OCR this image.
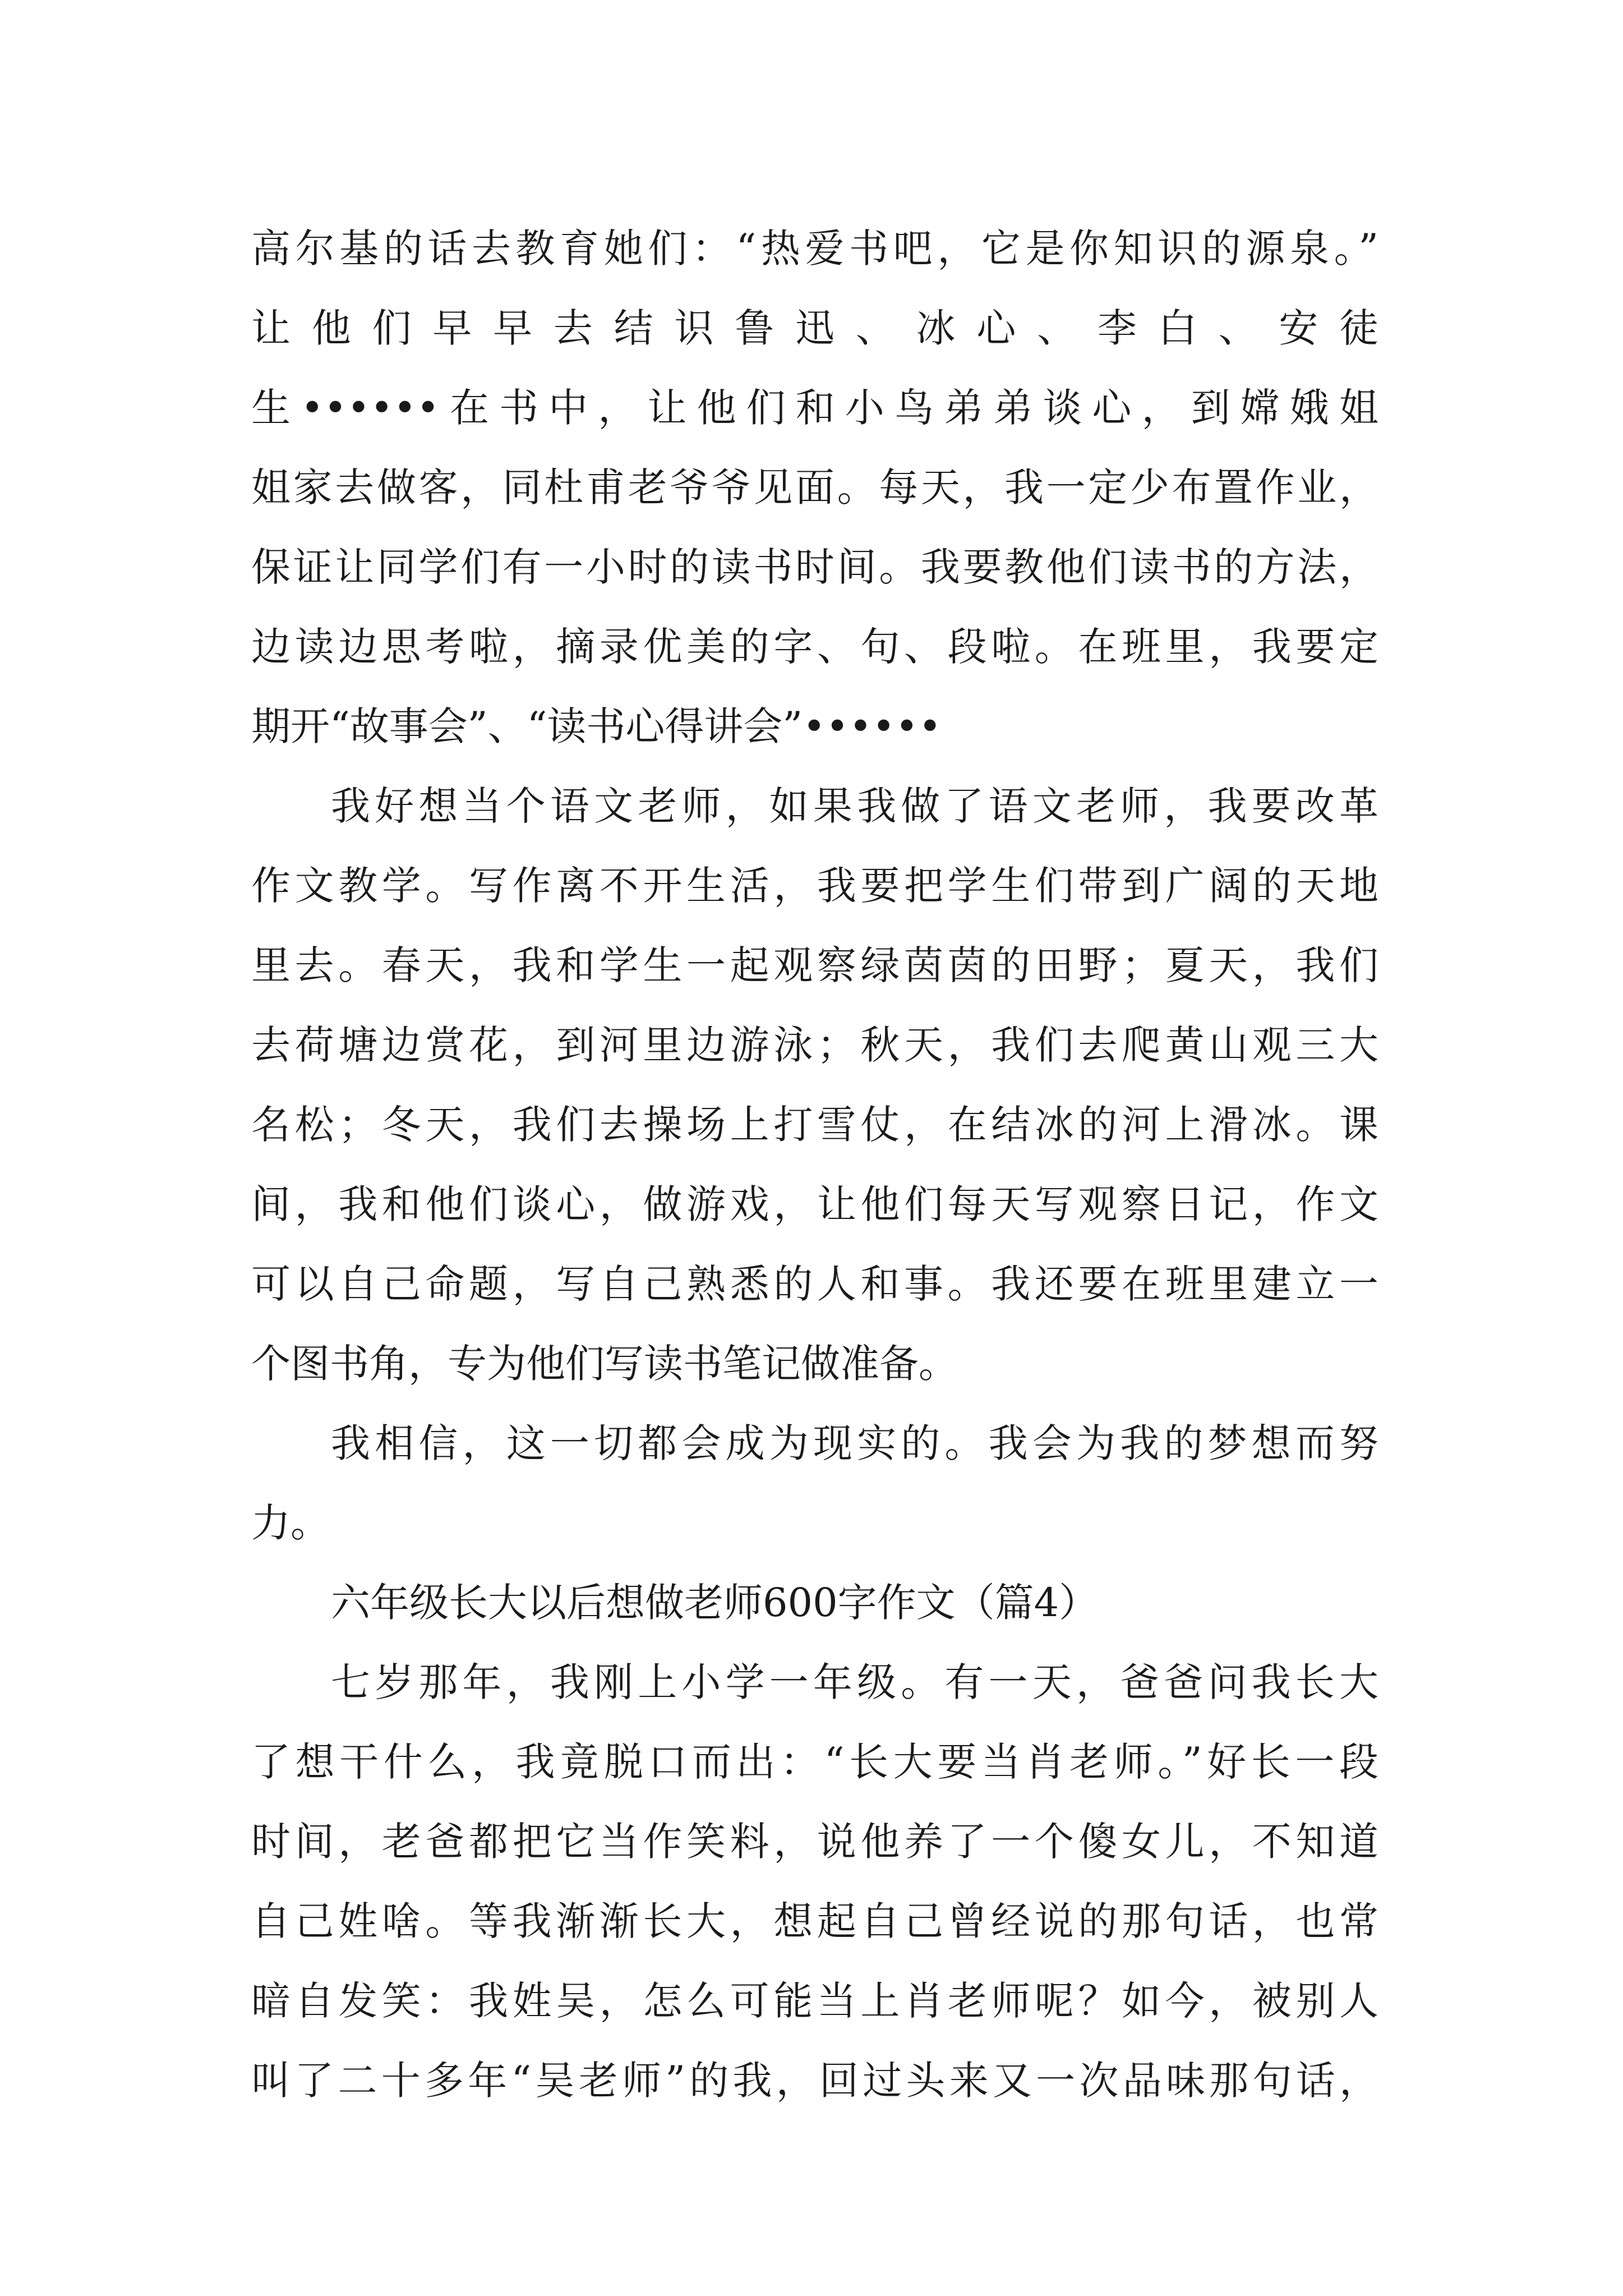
高尔基的话去教育她们：“热爱书吧，它是你知识的源泉。”
让他们早早去结识鲁迅、冰心、李白、安徒
生••••••在书中，让他们和小鸟弟弟谈心，到嫦娥姐
姐家去做客，同杜甫老爷爷见面。每天，我一定少布置作业，
保证让同学们有一小时的读书时间。我要教他们读书的方法，
边读边思考啦，摘录优美的字、句、段啦。在班里，我要定
期开“故事会”、“读书心得讲会”••••••
我好想当个语文老师，如果我做了语文老师，我要改革
作文教学。写作离不开生活，我要把学生们带到广阔的天地
里去。春天，我和学生一起观察绿茵茵的田野；夏天，我们
去荷塘边赏花，到河里边游泳；秋天，我们去爬黄山观三大
名松；冬天，我们去操场上打雪仗，在结冰的河上滑冰。课
间，我和他们谈心，做游戏，让他们每天写观察日记，作文
可以自己命题，写自己熟悉的人和事。我还要在班里建立一
个图书角，专为他们写读书笔记做准备。
我相信，这一切都会成为现实的。我会为我的梦想而努
力。
六年级长大以后想做老师600字作文（篇4）
七岁那年，我刚上小学一年级。有一天，爸爸问我长大
了想干什么，我竟脱口而出：“长大要当肖老师。”好长一段
时间，老爸都把它当作笑料，说他养了一个傻女儿，不知道
自己姓啥。等我渐渐长大，想起自己曾经说的那句话，也常
暗自发笑：我姓吴，怎么可能当上肖老师呢？如今，被别人
叫了二十多年“吴老师”的我，回过头来又一次品味那句话，
